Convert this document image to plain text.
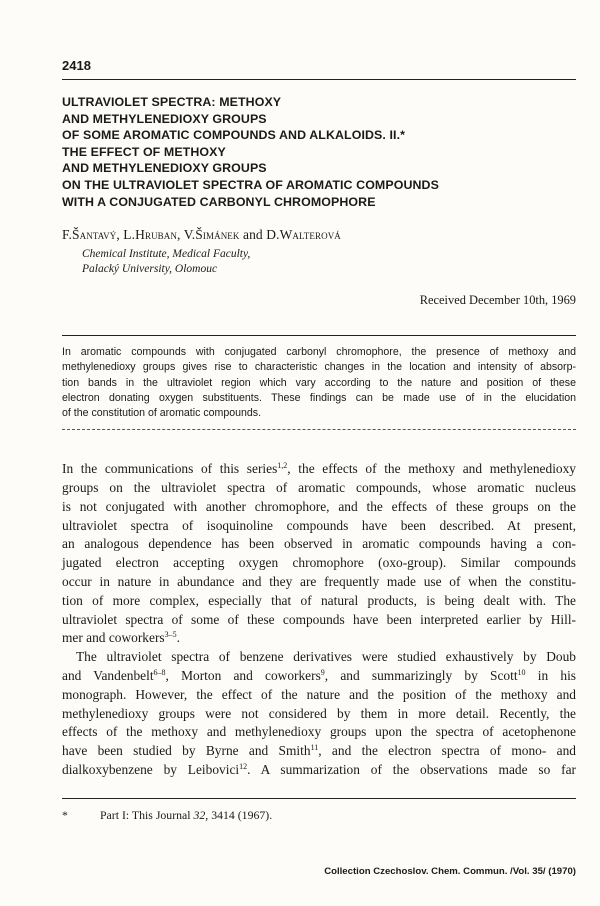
2418
ULTRAVIOLET SPECTRA: METHOXY
AND METHYLENEDIOXY GROUPS
OF SOME AROMATIC COMPOUNDS AND ALKALOIDS. II.*
THE EFFECT OF METHOXY
AND METHYLENEDIOXY GROUPS
ON THE ULTRAVIOLET SPECTRA OF AROMATIC COMPOUNDS
WITH A CONJUGATED CARBONYL CHROMOPHORE
F.Šantavý, L.Hruban, V.Šimánek and D.Walterová
Chemical Institute, Medical Faculty,
Palacký University, Olomouc
Received December 10th, 1969
In aromatic compounds with conjugated carbonyl chromophore, the presence of methoxy and
methylenedioxy groups gives rise to characteristic changes in the location and intensity of absorp-
tion bands in the ultraviolet region which vary according to the nature and position of these
electron donating oxygen substituents. These findings can be made use of in the elucidation
of the constitution of aromatic compounds.
In the communications of this series$^{1,2}$, the effects of the methoxy and methylenedioxy
groups on the ultraviolet spectra of aromatic compounds, whose aromatic nucleus
is not conjugated with another chromophore, and the effects of these groups on the
ultraviolet spectra of isoquinoline compounds have been described. At present,
an analogous dependence has been observed in aromatic compounds having a con-
jugated electron accepting oxygen chromophore (oxo-group). Similar compounds
occur in nature in abundance and they are frequently made use of when the constitu-
tion of more complex, especially that of natural products, is being dealt with. The
ultraviolet spectra of some of these compounds have been interpreted earlier by Hill-
mer and coworkers$^{3-5}$.
The ultraviolet spectra of benzene derivatives were studied exhaustively by Doub
and Vandenbelt$^{6-8}$, Morton and coworkers$^9$, and summarizingly by Scott$^{10}$ in his
monograph. However, the effect of the nature and the position of the methoxy and
methylenedioxy groups were not considered by them in more detail. Recently, the
effects of the methoxy and methylenedioxy groups upon the spectra of acetophenone
have been studied by Byrne and Smith$^{11}$, and the electron spectra of mono- and
dialkoxybenzene by Leibovici$^{12}$. A summarization of the observations made so far
*	Part I: This Journal 32, 3414 (1967).
Collection Czechoslov. Chem. Commun. /Vol. 35/ (1970)
